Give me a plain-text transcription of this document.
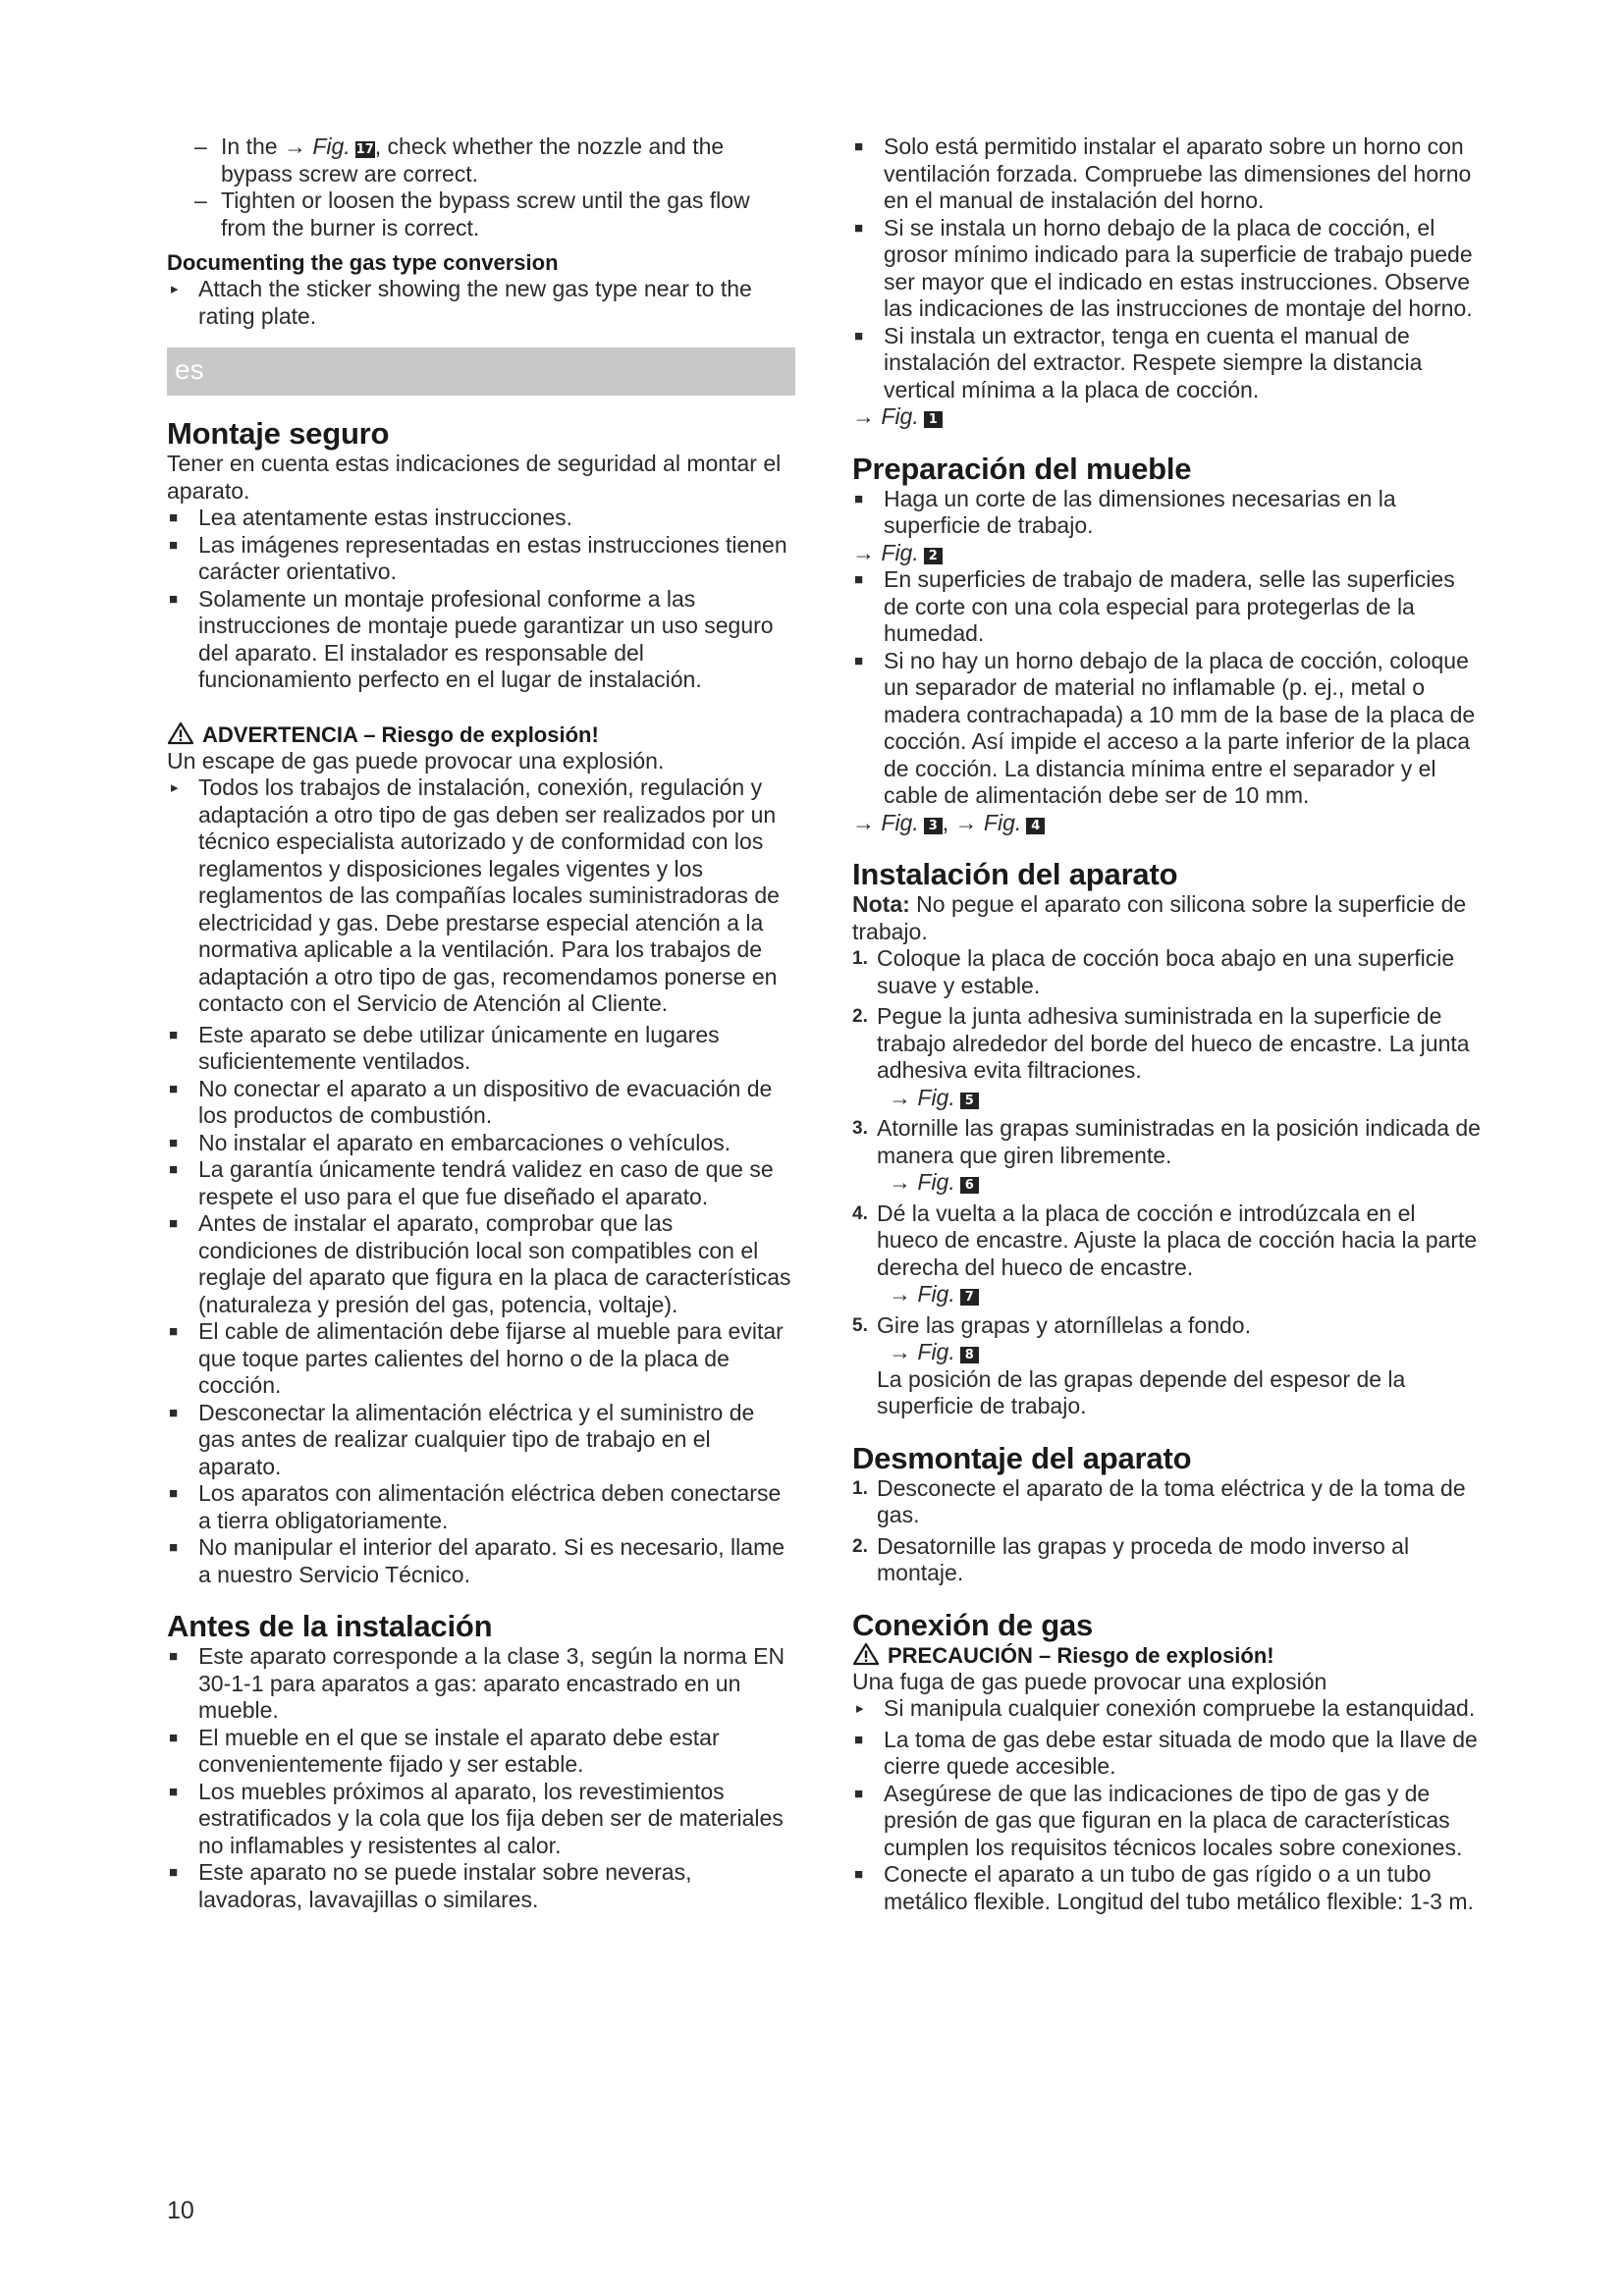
– In the → Fig. 17, check whether the nozzle and the bypass screw are correct.
– Tighten or loosen the bypass screw until the gas flow from the burner is correct.

Documenting the gas type conversion

▸ Attach the sticker showing the new gas type near to the rating plate.
es

Montaje seguro

Tener en cuenta estas indicaciones de seguridad al montar el aparato.

■ Lea atentamente estas instrucciones.
■ Las imágenes representadas en estas instrucciones tienen carácter orientativo.
■ Solamente un montaje profesional conforme a las instrucciones de montaje puede garantizar un uso seguro del aparato. El instalador es responsable del funcionamiento perfecto en el lugar de instalación.

ADVERTENCIA – Riesgo de explosión!

Un escape de gas puede provocar una explosión.

▸ Todos los trabajos de instalación, conexión, regulación y adaptación a otro tipo de gas deben ser realizados por un técnico especialista autorizado y de conformidad con los reglamentos y disposiciones legales vigentes y los reglamentos de las compañías locales suministradoras de electricidad y gas. Debe prestarse especial atención a la normativa aplicable a la ventilación. Para los trabajos de adaptación a otro tipo de gas, recomendamos ponerse en contacto con el Servicio de Atención al Cliente.
■ Este aparato se debe utilizar únicamente en lugares suficientemente ventilados.
■ No conectar el aparato a un dispositivo de evacuación de los productos de combustión.
■ No instalar el aparato en embarcaciones o vehículos.
■ La garantía únicamente tendrá validez en caso de que se respete el uso para el que fue diseñado el aparato.
■ Antes de instalar el aparato, comprobar que las condiciones de distribución local son compatibles con el reglaje del aparato que figura en la placa de características (naturaleza y presión del gas, potencia, voltaje).
■ El cable de alimentación debe fijarse al mueble para evitar que toque partes calientes del horno o de la placa de cocción.
■ Desconectar la alimentación eléctrica y el suministro de gas antes de realizar cualquier tipo de trabajo en el aparato.
■ Los aparatos con alimentación eléctrica deben conectarse a tierra obligatoriamente.
■ No manipular el interior del aparato. Si es necesario, llame a nuestro Servicio Técnico.

Antes de la instalación

■ Este aparato corresponde a la clase 3, según la norma EN 30-1-1 para aparatos a gas: aparato encastrado en un mueble.
■ El mueble en el que se instale el aparato debe estar convenientemente fijado y ser estable.
■ Los muebles próximos al aparato, los revestimientos estratificados y la cola que los fija deben ser de materiales no inflamables y resistentes al calor.
■ Este aparato no se puede instalar sobre neveras, lavadoras, lavavajillas o similares.
■ Solo está permitido instalar el aparato sobre un horno con ventilación forzada. Compruebe las dimensiones del horno en el manual de instalación del horno.
■ Si se instala un horno debajo de la placa de cocción, el grosor mínimo indicado para la superficie de trabajo puede ser mayor que el indicado en estas instrucciones. Observe las indicaciones de las instrucciones de montaje del horno.
■ Si instala un extractor, tenga en cuenta el manual de instalación del extractor. Respete siempre la distancia vertical mínima a la placa de cocción.

→ Fig. 1

Preparación del mueble

■ Haga un corte de las dimensiones necesarias en la superficie de trabajo.

→ Fig. 2

■ En superficies de trabajo de madera, selle las superficies de corte con una cola especial para protegerlas de la humedad.
■ Si no hay un horno debajo de la placa de cocción, coloque un separador de material no inflamable (p. ej., metal o madera contrachapada) a 10 mm de la base de la placa de cocción. Así impide el acceso a la parte inferior de la placa de cocción. La distancia mínima entre el separador y el cable de alimentación debe ser de 10 mm.

→ Fig. 3 , → Fig. 4

Instalación del aparato

Nota: No pegue el aparato con silicona sobre la superficie de trabajo.

1. Coloque la placa de cocción boca abajo en una superficie suave y estable.
2. Pegue la junta adhesiva suministrada en la superficie de trabajo alrededor del borde del hueco de encastre. La junta adhesiva evita filtraciones.
→ Fig. 5
3. Atornille las grapas suministradas en la posición indicada de manera que giren libremente.
→ Fig. 6
4. Dé la vuelta a la placa de cocción e introdúzcala en el hueco de encastre. Ajuste la placa de cocción hacia la parte derecha del hueco de encastre.
→ Fig. 7
5. Gire las grapas y atorníllelas a fondo.
→ Fig. 8
La posición de las grapas depende del espesor de la superficie de trabajo.

Desmontaje del aparato

1. Desconecte el aparato de la toma eléctrica y de la toma de gas.
2. Desatornille las grapas y proceda de modo inverso al montaje.

Conexión de gas

PRECAUCIÓN – Riesgo de explosión!

Una fuga de gas puede provocar una explosión

▸ Si manipula cualquier conexión compruebe la estanquidad.
■ La toma de gas debe estar situada de modo que la llave de cierre quede accesible.
■ Asegúrese de que las indicaciones de tipo de gas y de presión de gas que figuran en la placa de características cumplen los requisitos técnicos locales sobre conexiones.
■ Conecte el aparato a un tubo de gas rígido o a un tubo metálico flexible. Longitud del tubo metálico flexible: 1-3 m.
10
